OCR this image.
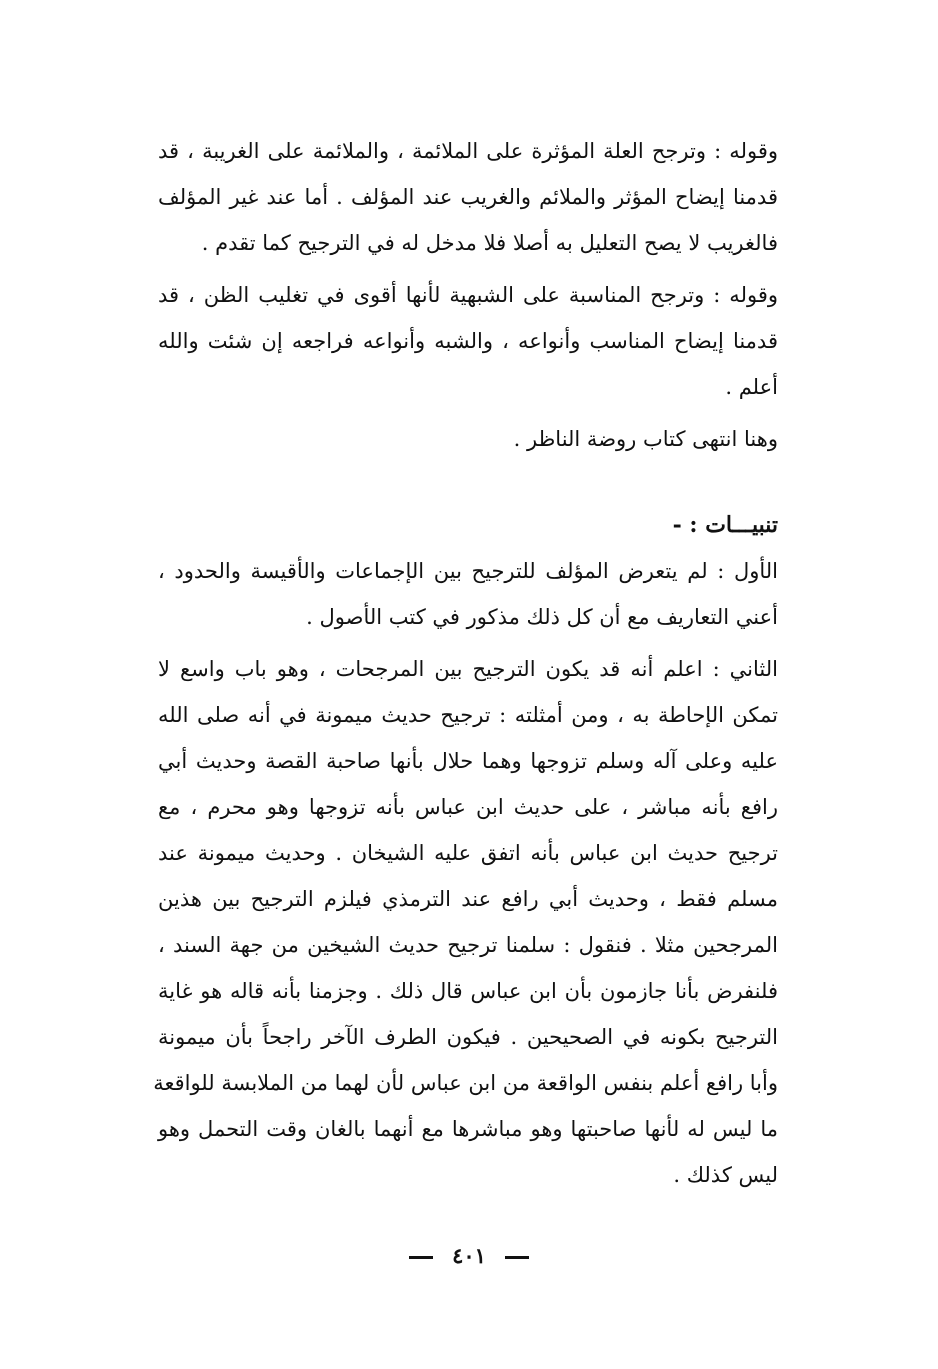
وقوله : وترجح العلة المؤثرة على الملائمة ، والملائمة على الغريبة ، قد
قدمنا إيضاح المؤثر والملائم والغريب عند المؤلف . أما عند غير المؤلف
فالغريب لا يصح التعليل به أصلا فلا مدخل له في الترجيح كما تقدم .
وقوله : وترجح المناسبة على الشبهية لأنها أقوى في تغليب الظن ، قد
قدمنا إيضاح المناسب وأنواعه ، والشبه وأنواعه فراجعه إن شئت والله
أعلم .
وهنا انتهى كتاب روضة الناظر .
تنبيـــات : -
الأول : لم يتعرض المؤلف للترجيح بين الإجماعات والأقيسة والحدود ،
أعني التعاريف مع أن كل ذلك مذكور في كتب الأصول .
الثاني : اعلم أنه قد يكون الترجيح بين المرجحات ، وهو باب واسع لا
تمكن الإحاطة به ، ومن أمثلته : ترجيح حديث ميمونة في أنه صلى الله
عليه وعلى آله وسلم تزوجها وهما حلال بأنها صاحبة القصة وحديث أبي
رافع بأنه مباشر ، على حديث ابن عباس بأنه تزوجها وهو محرم ، مع
ترجيح حديث ابن عباس بأنه اتفق عليه الشيخان . وحديث ميمونة عند
مسلم فقط ، وحديث أبي رافع عند الترمذي فيلزم الترجيح بين هذين
المرجحين مثلا . فنقول : سلمنا ترجيح حديث الشيخين من جهة السند ،
فلنفرض بأنا جازمون بأن ابن عباس قال ذلك . وجزمنا بأنه قاله هو غاية
الترجيح بكونه في الصحيحين . فيكون الطرف الآخر راجحاً بأن ميمونة
وأبا رافع أعلم بنفس الواقعة من ابن عباس لأن لهما من الملابسة للواقعة
ما ليس له لأنها صاحبتها وهو مباشرها مع أنهما بالغان وقت التحمل وهو
ليس كذلك .
٤٠١
